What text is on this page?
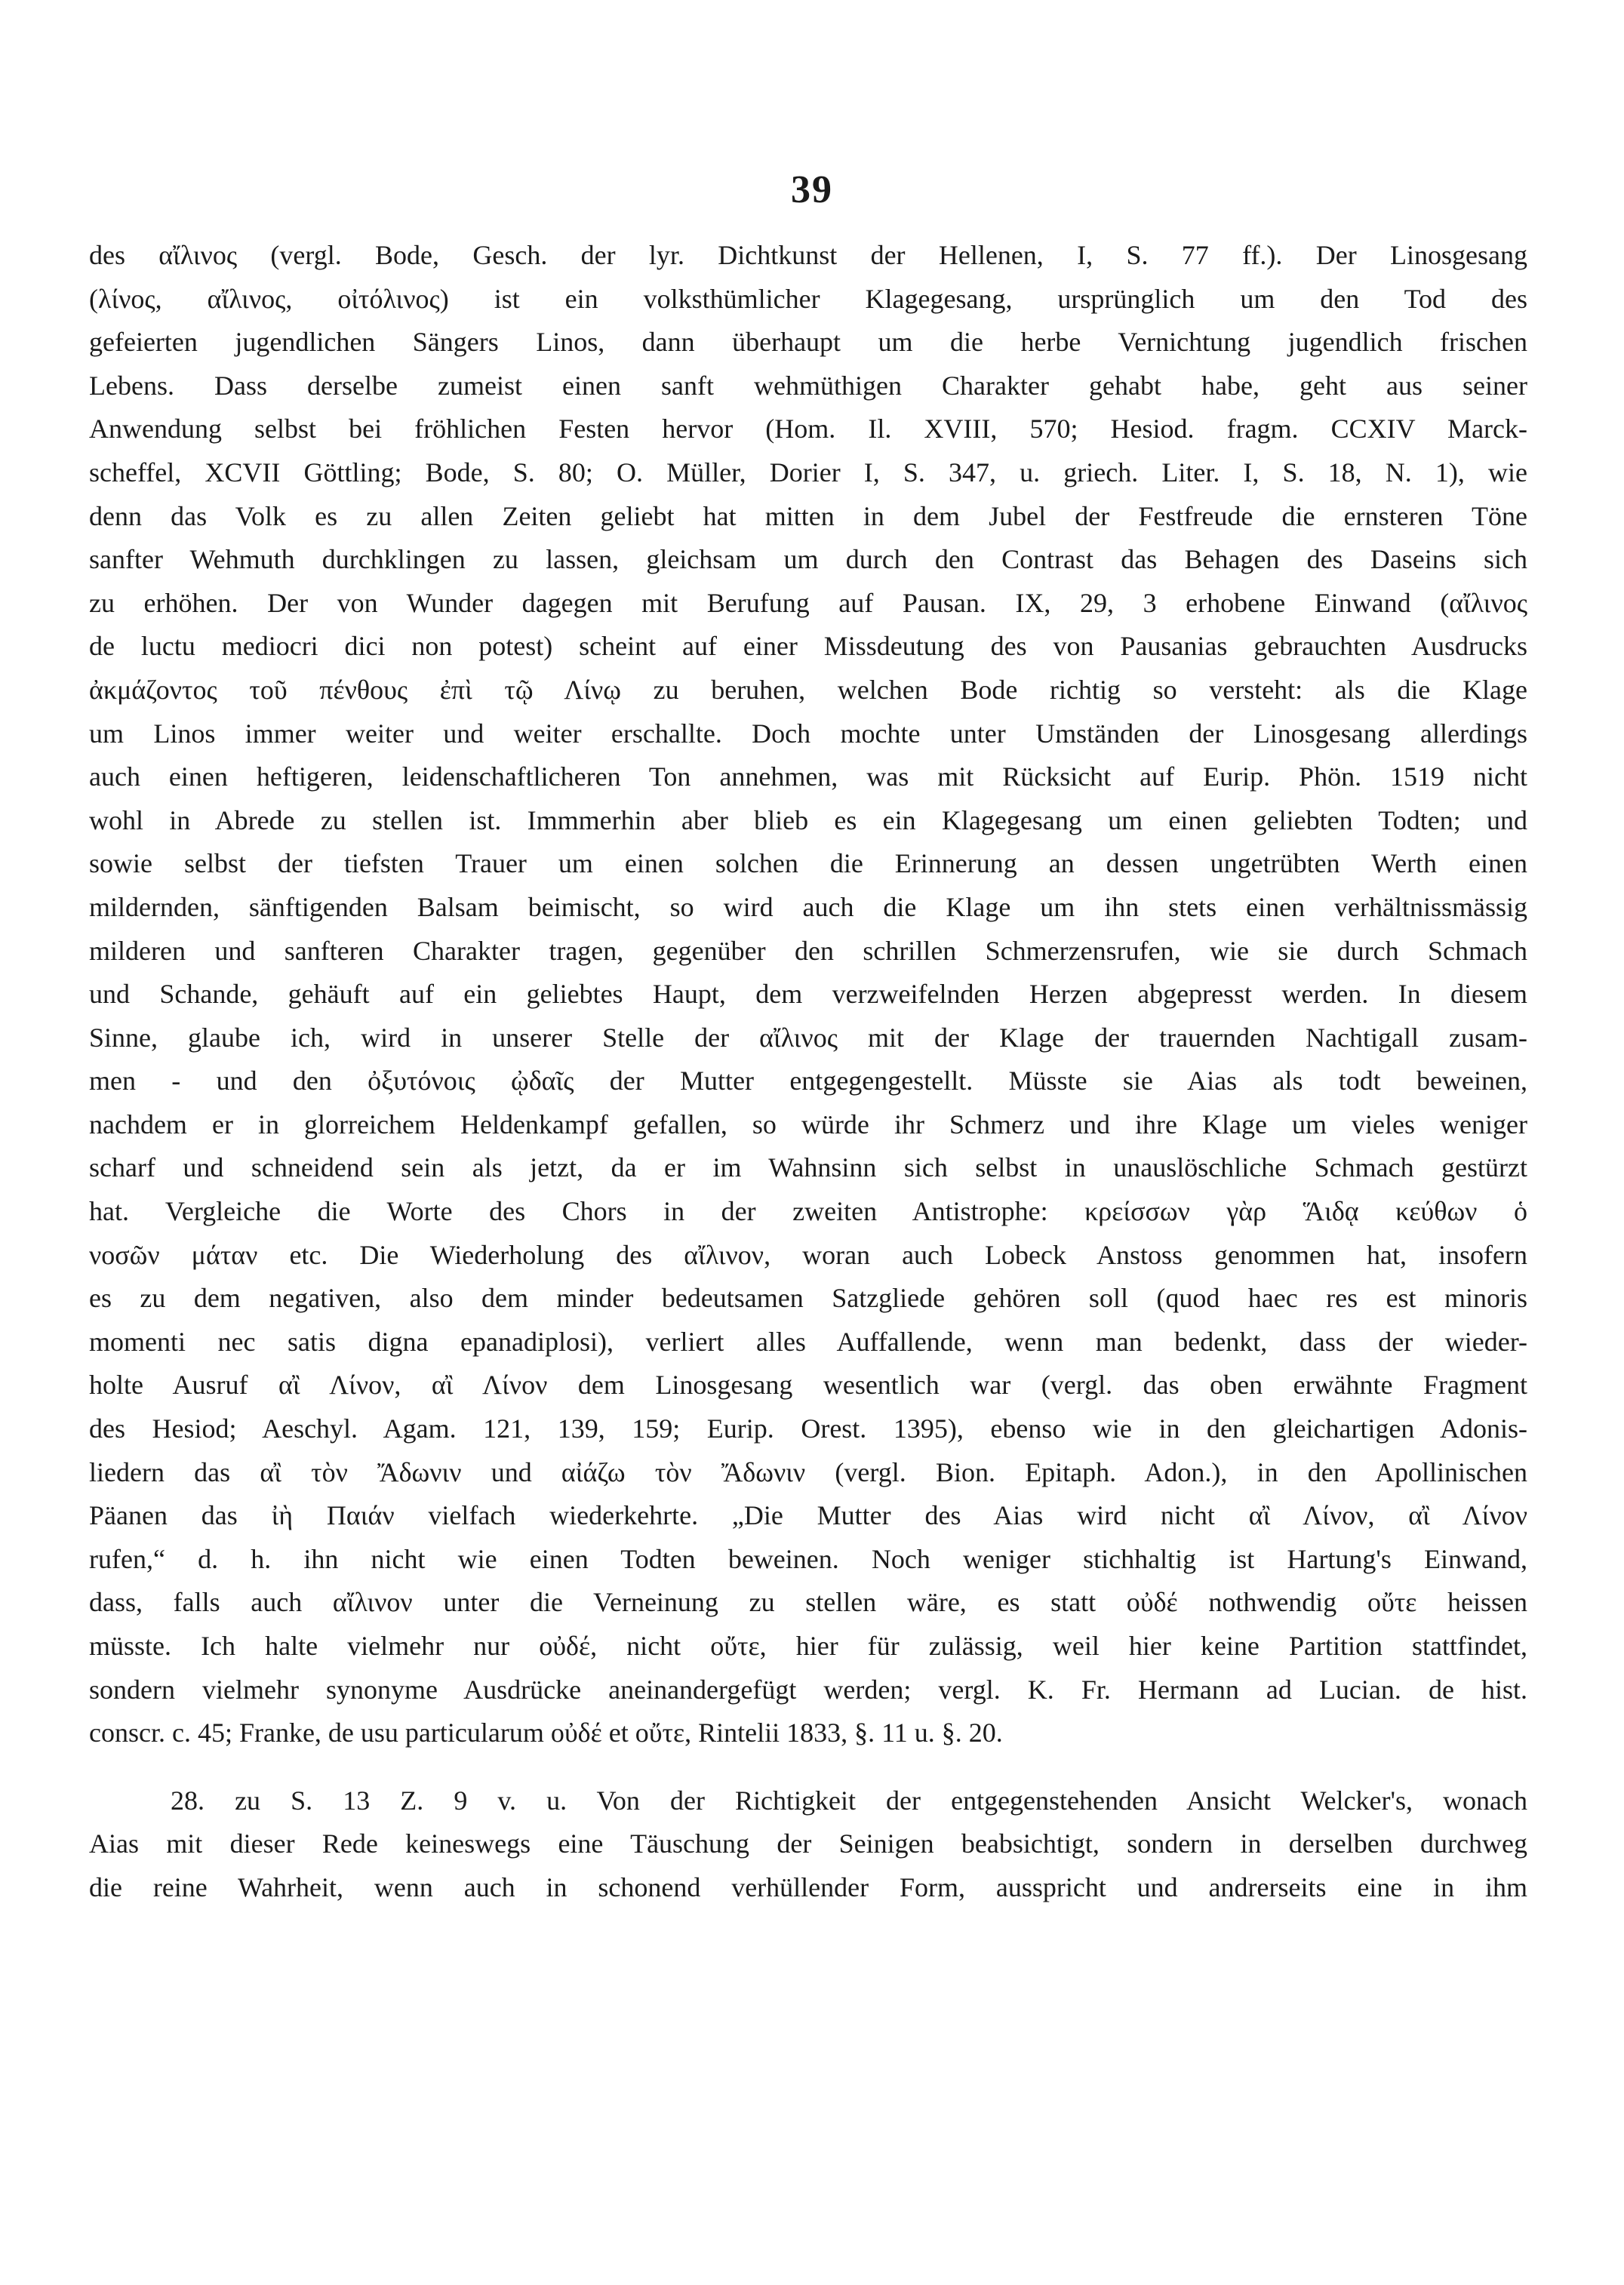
39
des αἴλινος (vergl. Bode, Gesch. der lyr. Dichtkunst der Hellenen, I, S. 77 ff.). Der Linosgesang
(λίνος, αἴλινος, οἰτόλινος) ist ein volksthümlicher Klagegesang, ursprünglich um den Tod des
gefeierten jugendlichen Sängers Linos, dann überhaupt um die herbe Vernichtung jugendlich frischen
Lebens. Dass derselbe zumeist einen sanft wehmüthigen Charakter gehabt habe, geht aus seiner
Anwendung selbst bei fröhlichen Festen hervor (Hom. Il. XVIII, 570; Hesiod. fragm. CCXIV Marck-
scheffel, XCVII Göttling; Bode, S. 80; O. Müller, Dorier I, S. 347, u. griech. Liter. I, S. 18, N. 1), wie
denn das Volk es zu allen Zeiten geliebt hat mitten in dem Jubel der Festfreude die ernsteren Töne
sanfter Wehmuth durchklingen zu lassen, gleichsam um durch den Contrast das Behagen des Daseins sich
zu erhöhen. Der von Wunder dagegen mit Berufung auf Pausan. IX, 29, 3 erhobene Einwand (αἴλινος
de luctu mediocri dici non potest) scheint auf einer Missdeutung des von Pausanias gebrauchten Ausdrucks
ἀκμάζοντος τοῦ πένθους ἐπὶ τῷ Λίνῳ zu beruhen, welchen Bode richtig so versteht: als die Klage
um Linos immer weiter und weiter erschallte. Doch mochte unter Umständen der Linosgesang allerdings
auch einen heftigeren, leidenschaftlicheren Ton annehmen, was mit Rücksicht auf Eurip. Phön. 1519 nicht
wohl in Abrede zu stellen ist. Immmerhin aber blieb es ein Klagegesang um einen geliebten Todten; und
sowie selbst der tiefsten Trauer um einen solchen die Erinnerung an dessen ungetrübten Werth einen
mildernden, sänftigenden Balsam beimischt, so wird auch die Klage um ihn stets einen verhältnissmässig
milderen und sanfteren Charakter tragen, gegenüber den schrillen Schmerzensrufen, wie sie durch Schmach
und Schande, gehäuft auf ein geliebtes Haupt, dem verzweifelnden Herzen abgepresst werden. In diesem
Sinne, glaube ich, wird in unserer Stelle der αἴλινος mit der Klage der trauernden Nachtigall zusam-
men - und den ὀξυτόνοις ᾠδαῖς der Mutter entgegengestellt. Müsste sie Aias als todt beweinen,
nachdem er in glorreichem Heldenkampf gefallen, so würde ihr Schmerz und ihre Klage um vieles weniger
scharf und schneidend sein als jetzt, da er im Wahnsinn sich selbst in unauslöschliche Schmach gestürzt
hat. Vergleiche die Worte des Chors in der zweiten Antistrophe: κρείσσων γὰρ Ἅιδᾳ κεύθων ὁ
νοσῶν μάταν etc. Die Wiederholung des αἴλινον, woran auch Lobeck Anstoss genommen hat, insofern
es zu dem negativen, also dem minder bedeutsamen Satzgliede gehören soll (quod haec res est minoris
momenti nec satis digna epanadiplosi), verliert alles Auffallende, wenn man bedenkt, dass der wieder-
holte Ausruf αἲ Λίνον, αἲ Λίνον dem Linosgesang wesentlich war (vergl. das oben erwähnte Fragment
des Hesiod; Aeschyl. Agam. 121, 139, 159; Eurip. Orest. 1395), ebenso wie in den gleichartigen Adonis-
liedern das αἲ τὸν Ἄδωνιν und αἰάζω τὸν Ἄδωνιν (vergl. Bion. Epitaph. Adon.), in den Apollinischen
Päanen das ἰὴ Παιάν vielfach wiederkehrte. „Die Mutter des Aias wird nicht αἲ Λίνον, αἲ Λίνον
rufen,“ d. h. ihn nicht wie einen Todten beweinen. Noch weniger stichhaltig ist Hartung's Einwand,
dass, falls auch αἴλινον unter die Verneinung zu stellen wäre, es statt οὐδέ nothwendig οὔτε heissen
müsste. Ich halte vielmehr nur οὐδέ, nicht οὔτε, hier für zulässig, weil hier keine Partition stattfindet,
sondern vielmehr synonyme Ausdrücke aneinandergefügt werden; vergl. K. Fr. Hermann ad Lucian. de hist.
conscr. c. 45; Franke, de usu particularum οὐδέ et οὔτε, Rintelii 1833, §. 11 u. §. 20.
28. zu S. 13 Z. 9 v. u. Von der Richtigkeit der entgegenstehenden Ansicht Welcker's, wonach
Aias mit dieser Rede keineswegs eine Täuschung der Seinigen beabsichtigt, sondern in derselben durchweg
die reine Wahrheit, wenn auch in schonend verhüllender Form, ausspricht und andrerseits eine in ihm
